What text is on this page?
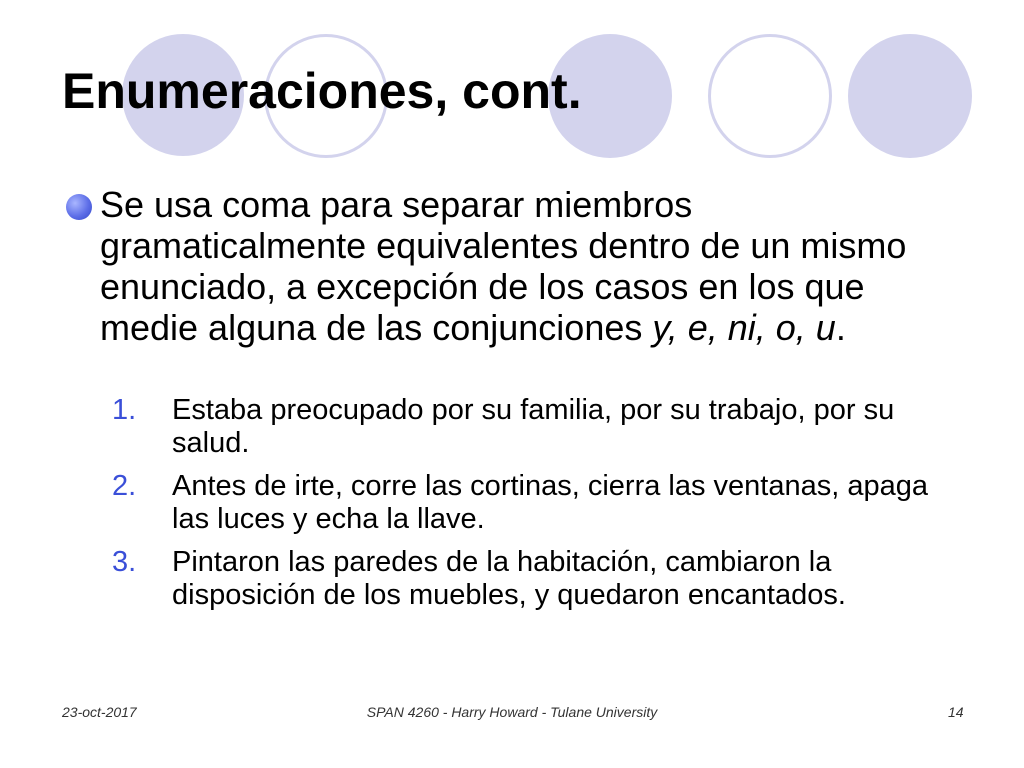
Enumeraciones, cont.
Se usa coma para separar miembros gramaticalmente equivalentes dentro de un mismo enunciado, a excepción de los casos en los que medie alguna de las conjunciones y, e, ni, o, u.
1. Estaba preocupado por su familia, por su trabajo, por su salud.
2. Antes de irte, corre las cortinas, cierra las ventanas, apaga las luces y echa la llave.
3. Pintaron las paredes de la habitación, cambiaron la disposición de los muebles, y quedaron encantados.
23-oct-2017	SPAN 4260 - Harry Howard - Tulane University	14
